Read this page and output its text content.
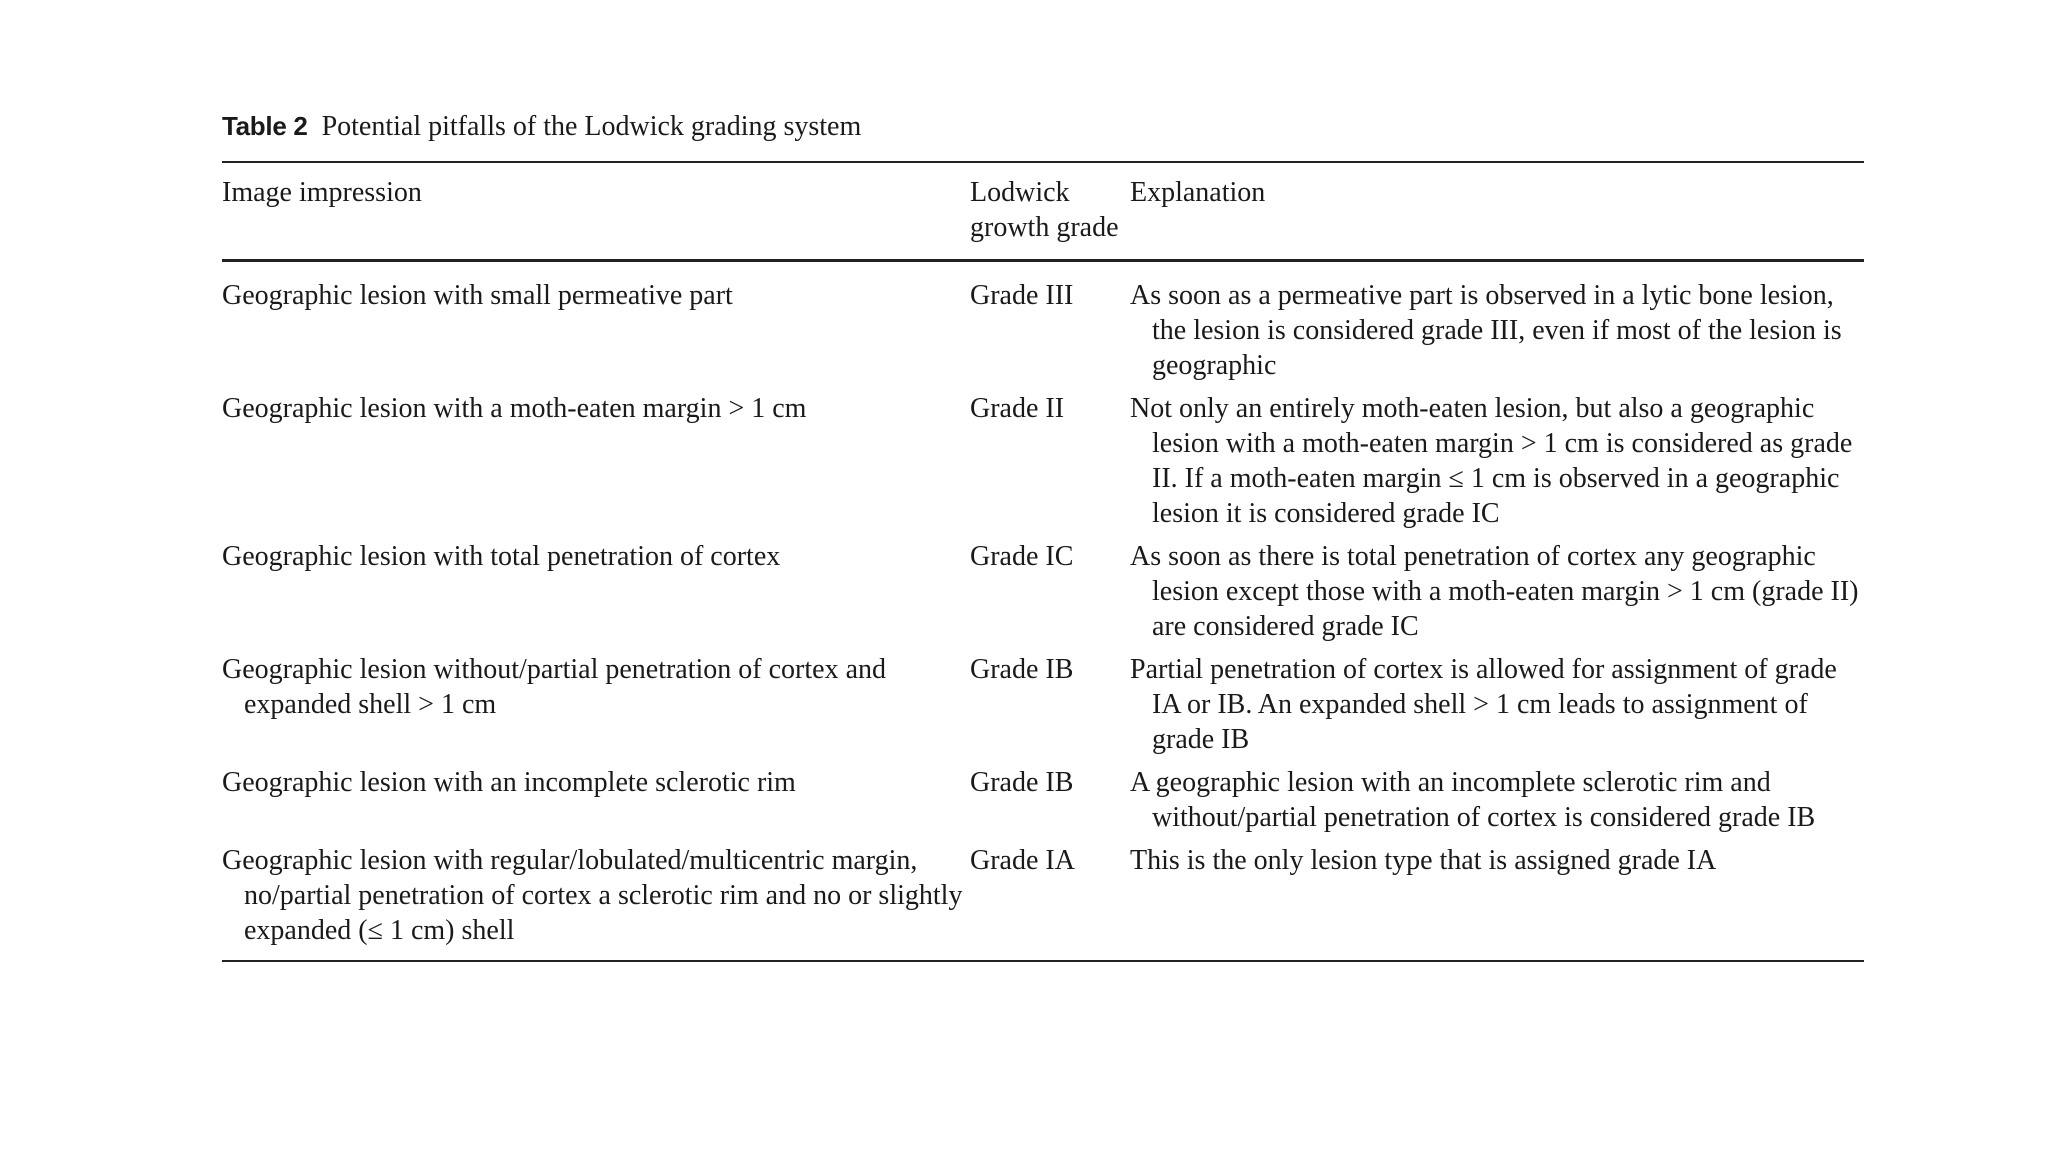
Table 2 Potential pitfalls of the Lodwick grading system
Image impression	Lodwick growth grade	Explanation
Geographic lesion with small permeative part	Grade III	As soon as a permeative part is observed in a lytic bone lesion, the lesion is considered grade III, even if most of the lesion is geographic
Geographic lesion with a moth-eaten margin > 1 cm	Grade II	Not only an entirely moth-eaten lesion, but also a geographic lesion with a moth-eaten margin > 1 cm is considered as grade II. If a moth-eaten margin ≤ 1 cm is observed in a geographic lesion it is considered grade IC
Geographic lesion with total penetration of cortex	Grade IC	As soon as there is total penetration of cortex any geographic lesion except those with a moth-eaten margin > 1 cm (grade II) are considered grade IC
Geographic lesion without/partial penetration of cortex and expanded shell > 1 cm	Grade IB	Partial penetration of cortex is allowed for assignment of grade IA or IB. An expanded shell > 1 cm leads to assignment of grade IB
Geographic lesion with an incomplete sclerotic rim	Grade IB	A geographic lesion with an incomplete sclerotic rim and without/partial penetration of cortex is considered grade IB
Geographic lesion with regular/lobulated/multicentric margin, no/partial penetration of cortex a sclerotic rim and no or slightly expanded (≤ 1 cm) shell	Grade IA	This is the only lesion type that is assigned grade IA
